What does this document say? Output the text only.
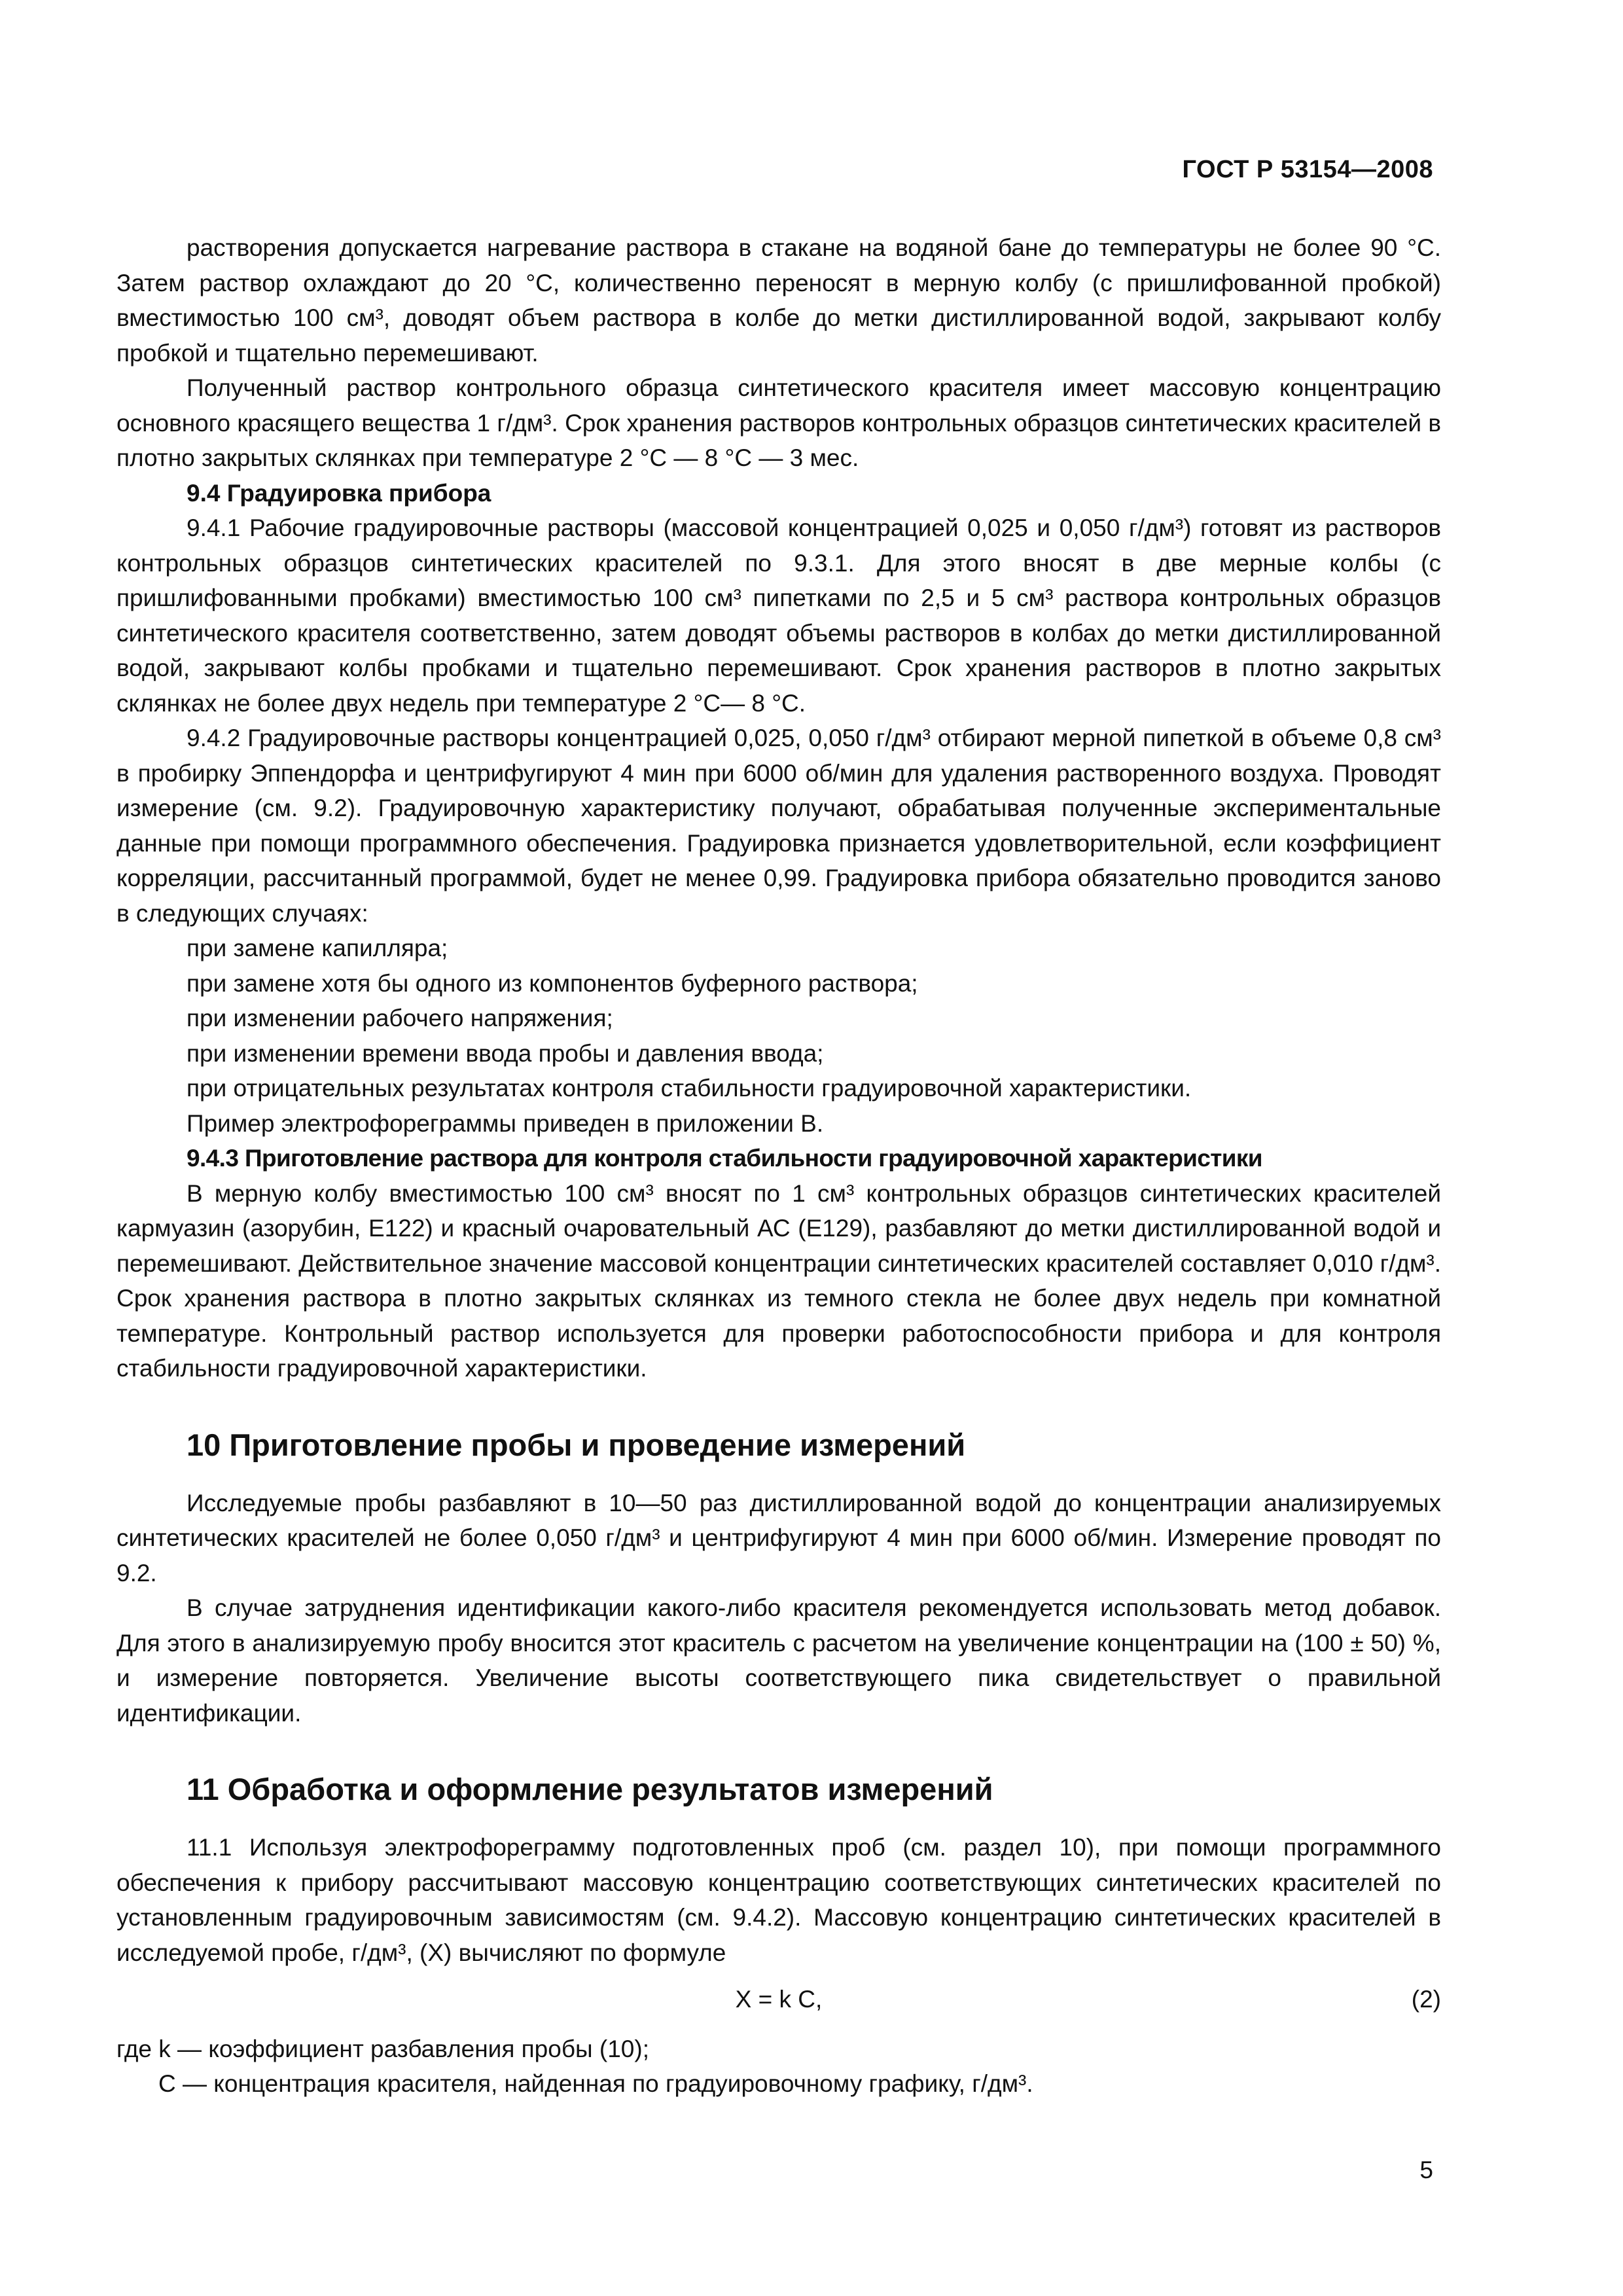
ГОСТ Р 53154—2008

растворения допускается нагревание раствора в стакане на водяной бане до температуры не более 90 °С. Затем раствор охлаждают до 20 °С, количественно переносят в мерную колбу (с пришлифованной пробкой) вместимостью 100 см³, доводят объем раствора в колбе до метки дистиллированной водой, закрывают колбу пробкой и тщательно перемешивают.

Полученный раствор контрольного образца синтетического красителя имеет массовую концентрацию основного красящего вещества 1 г/дм³. Срок хранения растворов контрольных образцов синтетических красителей в плотно закрытых склянках при температуре 2 °С — 8 °С — 3 мес.

9.4 Градуировка прибора

9.4.1 Рабочие градуировочные растворы (массовой концентрацией 0,025 и 0,050 г/дм³) готовят из растворов контрольных образцов синтетических красителей по 9.3.1. Для этого вносят в две мерные колбы (с пришлифованными пробками) вместимостью 100 см³ пипетками по 2,5 и 5 см³ раствора контрольных образцов синтетического красителя соответственно, затем доводят объемы растворов в колбах до метки дистиллированной водой, закрывают колбы пробками и тщательно перемешивают. Срок хранения растворов в плотно закрытых склянках не более двух недель при температуре 2 °С— 8 °С.

9.4.2 Градуировочные растворы концентрацией 0,025, 0,050 г/дм³ отбирают мерной пипеткой в объеме 0,8 см³ в пробирку Эппендорфа и центрифугируют 4 мин при 6000 об/мин для удаления растворенного воздуха. Проводят измерение (см. 9.2). Градуировочную характеристику получают, обрабатывая полученные экспериментальные данные при помощи программного обеспечения. Градуировка признается удовлетворительной, если коэффициент корреляции, рассчитанный программой, будет не менее 0,99. Градуировка прибора обязательно проводится заново в следующих случаях:

при замене капилляра;
при замене хотя бы одного из компонентов буферного раствора;
при изменении рабочего напряжения;
при изменении времени ввода пробы и давления ввода;
при отрицательных результатах контроля стабильности градуировочной характеристики.
Пример электрофореграммы приведен в приложении В.
9.4.3 Приготовление раствора для контроля стабильности градуировочной характеристики

В мерную колбу вместимостью 100 см³ вносят по 1 см³ контрольных образцов синтетических красителей кармуазин (азорубин, Е122) и красный очаровательный АС (Е129), разбавляют до метки дистиллированной водой и перемешивают. Действительное значение массовой концентрации синтетических красителей составляет 0,010 г/дм³. Срок хранения раствора в плотно закрытых склянках из темного стекла не более двух недель при комнатной температуре. Контрольный раствор используется для проверки работоспособности прибора и для контроля стабильности градуировочной характеристики.

10 Приготовление пробы и проведение измерений

Исследуемые пробы разбавляют в 10—50 раз дистиллированной водой до концентрации анализируемых синтетических красителей не более 0,050 г/дм³ и центрифугируют 4 мин при 6000 об/мин. Измерение проводят по 9.2.

В случае затруднения идентификации какого-либо красителя рекомендуется использовать метод добавок. Для этого в анализируемую пробу вносится этот краситель с расчетом на увеличение концентрации на (100 ± 50) %, и измерение повторяется. Увеличение высоты соответствующего пика свидетельствует о правильной идентификации.

11 Обработка и оформление результатов измерений

11.1 Используя электрофореграмму подготовленных проб (см. раздел 10), при помощи программного обеспечения к прибору рассчитывают массовую концентрацию соответствующих синтетических красителей по установленным градуировочным зависимостям (см. 9.4.2). Массовую концентрацию синтетических красителей в исследуемой пробе, г/дм³, (X) вычисляют по формуле

X = k C,	(2)
где k — коэффициент разбавления пробы (10);
C — концентрация красителя, найденная по градуировочному графику, г/дм³.
5
